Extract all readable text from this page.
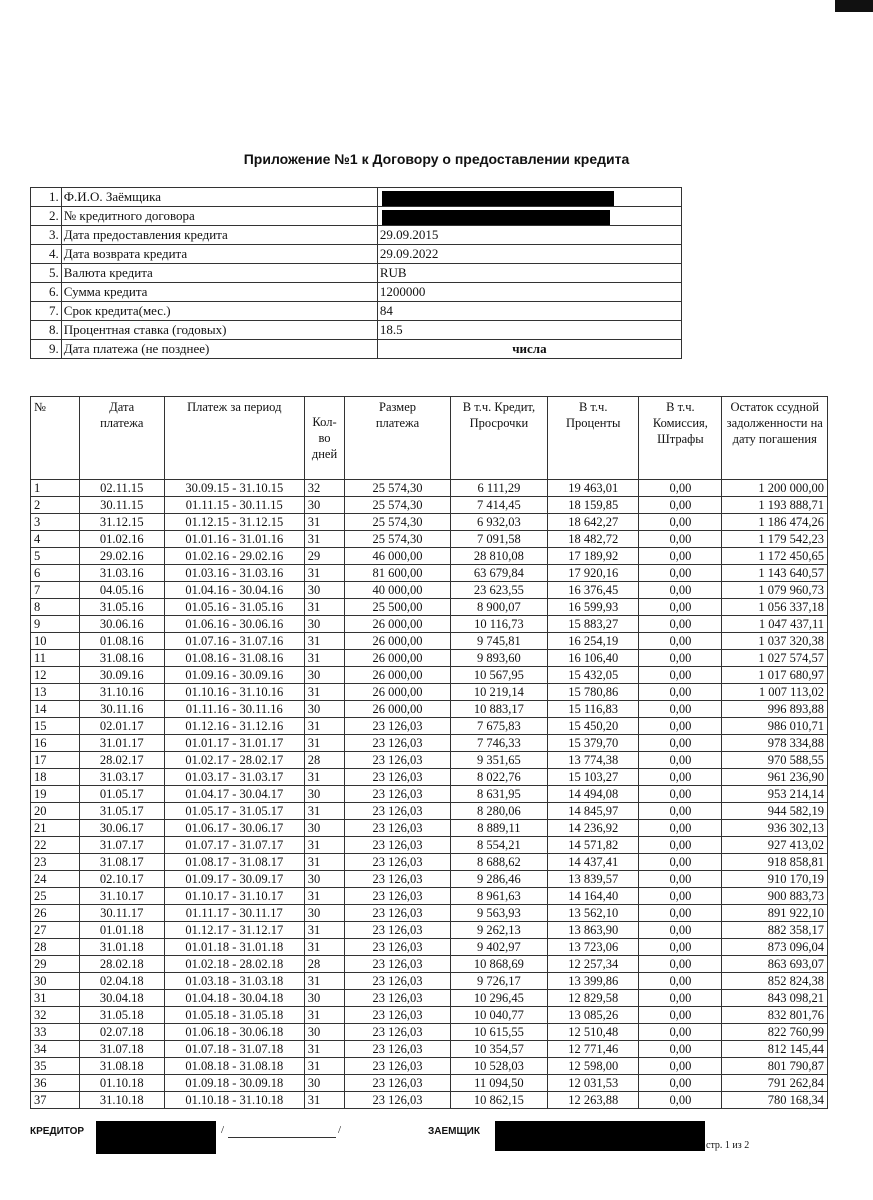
Приложение №1 к Договору о предоставлении кредита
1.	Ф.И.О. Заёмщика	
2.	№ кредитного договора	
3.	Дата предоставления кредита	29.09.2015
4.	Дата возврата кредита	29.09.2022
5.	Валюта кредита	RUB
6.	Сумма кредита	1200000
7.	Срок кредита(мес.)	84
8.	Процентная ставка (годовых)	18.5
9.	Дата платежа (не позднее)	числа
№	Дата платежа	Платеж за период	Кол-во дней	Размер платежа	В т.ч. Кредит, Просрочки	В т.ч. Проценты	В т.ч. Комиссия, Штрафы	Остаток ссудной задолженности на дату погашения
1	02.11.15	30.09.15 - 31.10.15	32	25 574,30	6 111,29	19 463,01	0,00	1 200 000,00
2	30.11.15	01.11.15 - 30.11.15	30	25 574,30	7 414,45	18 159,85	0,00	1 193 888,71
3	31.12.15	01.12.15 - 31.12.15	31	25 574,30	6 932,03	18 642,27	0,00	1 186 474,26
4	01.02.16	01.01.16 - 31.01.16	31	25 574,30	7 091,58	18 482,72	0,00	1 179 542,23
5	29.02.16	01.02.16 - 29.02.16	29	46 000,00	28 810,08	17 189,92	0,00	1 172 450,65
6	31.03.16	01.03.16 - 31.03.16	31	81 600,00	63 679,84	17 920,16	0,00	1 143 640,57
7	04.05.16	01.04.16 - 30.04.16	30	40 000,00	23 623,55	16 376,45	0,00	1 079 960,73
8	31.05.16	01.05.16 - 31.05.16	31	25 500,00	8 900,07	16 599,93	0,00	1 056 337,18
9	30.06.16	01.06.16 - 30.06.16	30	26 000,00	10 116,73	15 883,27	0,00	1 047 437,11
10	01.08.16	01.07.16 - 31.07.16	31	26 000,00	9 745,81	16 254,19	0,00	1 037 320,38
11	31.08.16	01.08.16 - 31.08.16	31	26 000,00	9 893,60	16 106,40	0,00	1 027 574,57
12	30.09.16	01.09.16 - 30.09.16	30	26 000,00	10 567,95	15 432,05	0,00	1 017 680,97
13	31.10.16	01.10.16 - 31.10.16	31	26 000,00	10 219,14	15 780,86	0,00	1 007 113,02
14	30.11.16	01.11.16 - 30.11.16	30	26 000,00	10 883,17	15 116,83	0,00	996 893,88
15	02.01.17	01.12.16 - 31.12.16	31	23 126,03	7 675,83	15 450,20	0,00	986 010,71
16	31.01.17	01.01.17 - 31.01.17	31	23 126,03	7 746,33	15 379,70	0,00	978 334,88
17	28.02.17	01.02.17 - 28.02.17	28	23 126,03	9 351,65	13 774,38	0,00	970 588,55
18	31.03.17	01.03.17 - 31.03.17	31	23 126,03	8 022,76	15 103,27	0,00	961 236,90
19	01.05.17	01.04.17 - 30.04.17	30	23 126,03	8 631,95	14 494,08	0,00	953 214,14
20	31.05.17	01.05.17 - 31.05.17	31	23 126,03	8 280,06	14 845,97	0,00	944 582,19
21	30.06.17	01.06.17 - 30.06.17	30	23 126,03	8 889,11	14 236,92	0,00	936 302,13
22	31.07.17	01.07.17 - 31.07.17	31	23 126,03	8 554,21	14 571,82	0,00	927 413,02
23	31.08.17	01.08.17 - 31.08.17	31	23 126,03	8 688,62	14 437,41	0,00	918 858,81
24	02.10.17	01.09.17 - 30.09.17	30	23 126,03	9 286,46	13 839,57	0,00	910 170,19
25	31.10.17	01.10.17 - 31.10.17	31	23 126,03	8 961,63	14 164,40	0,00	900 883,73
26	30.11.17	01.11.17 - 30.11.17	30	23 126,03	9 563,93	13 562,10	0,00	891 922,10
27	01.01.18	01.12.17 - 31.12.17	31	23 126,03	9 262,13	13 863,90	0,00	882 358,17
28	31.01.18	01.01.18 - 31.01.18	31	23 126,03	9 402,97	13 723,06	0,00	873 096,04
29	28.02.18	01.02.18 - 28.02.18	28	23 126,03	10 868,69	12 257,34	0,00	863 693,07
30	02.04.18	01.03.18 - 31.03.18	31	23 126,03	9 726,17	13 399,86	0,00	852 824,38
31	30.04.18	01.04.18 - 30.04.18	30	23 126,03	10 296,45	12 829,58	0,00	843 098,21
32	31.05.18	01.05.18 - 31.05.18	31	23 126,03	10 040,77	13 085,26	0,00	832 801,76
33	02.07.18	01.06.18 - 30.06.18	30	23 126,03	10 615,55	12 510,48	0,00	822 760,99
34	31.07.18	01.07.18 - 31.07.18	31	23 126,03	10 354,57	12 771,46	0,00	812 145,44
35	31.08.18	01.08.18 - 31.08.18	31	23 126,03	10 528,03	12 598,00	0,00	801 790,87
36	01.10.18	01.09.18 - 30.09.18	30	23 126,03	11 094,50	12 031,53	0,00	791 262,84
37	31.10.18	01.10.18 - 31.10.18	31	23 126,03	10 862,15	12 263,88	0,00	780 168,34
КРЕДИТОР	/	/	ЗАЕМЩИК
стр. 1 из 2
